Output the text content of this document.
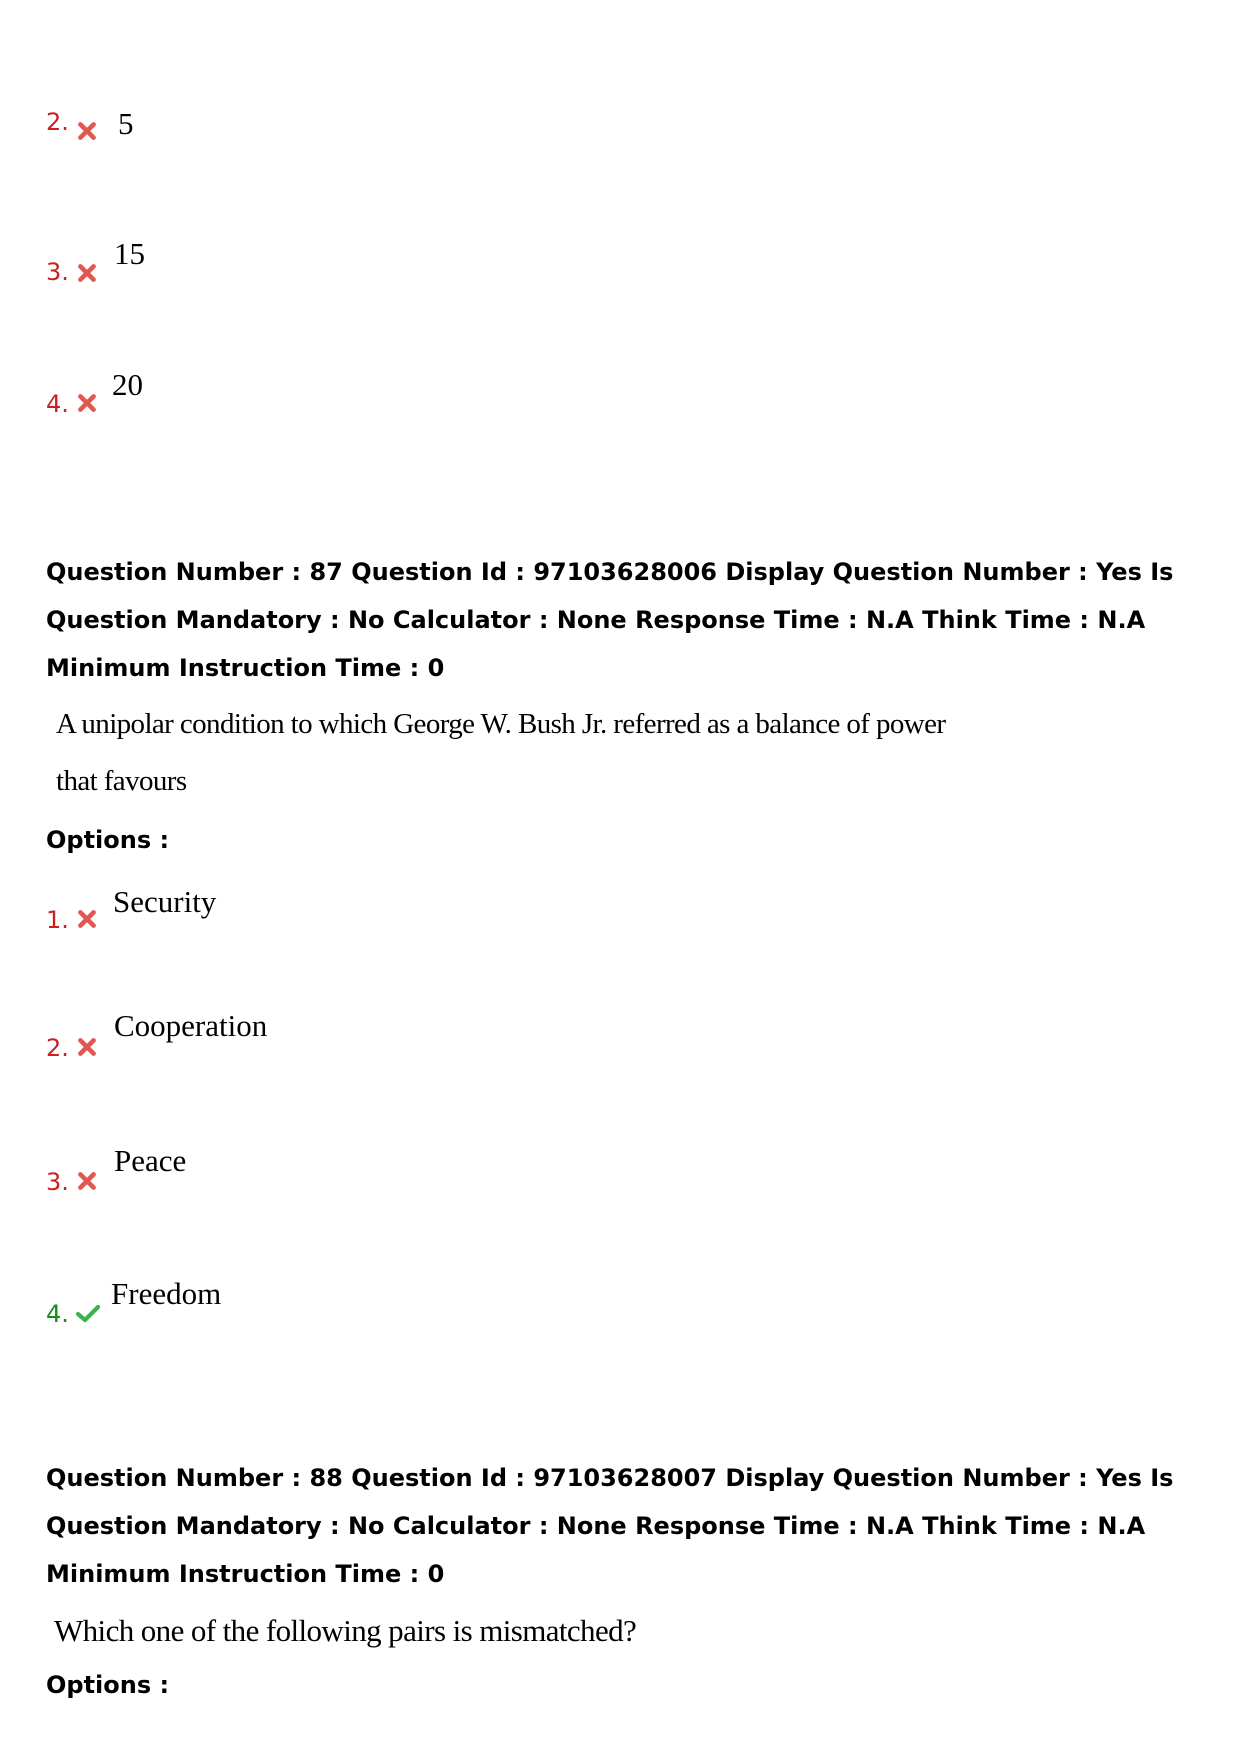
2. 5
3.
15
4.
20
Question Number : 87 Question Id : 97103628006 Display Question Number : Yes Is Question Mandatory : No Calculator : None Response Time : N.A Think Time : N.A Minimum Instruction Time : 0
A unipolar condition to which George W. Bush Jr. referred as a balance of power that favours
Options :
1.
Security
2.
Cooperation
3.
Peace
4.
Freedom
Question Number : 88 Question Id : 97103628007 Display Question Number : Yes Is Question Mandatory : No Calculator : None Response Time : N.A Think Time : N.A Minimum Instruction Time : 0
Which one of the following pairs is mismatched?
Options :
